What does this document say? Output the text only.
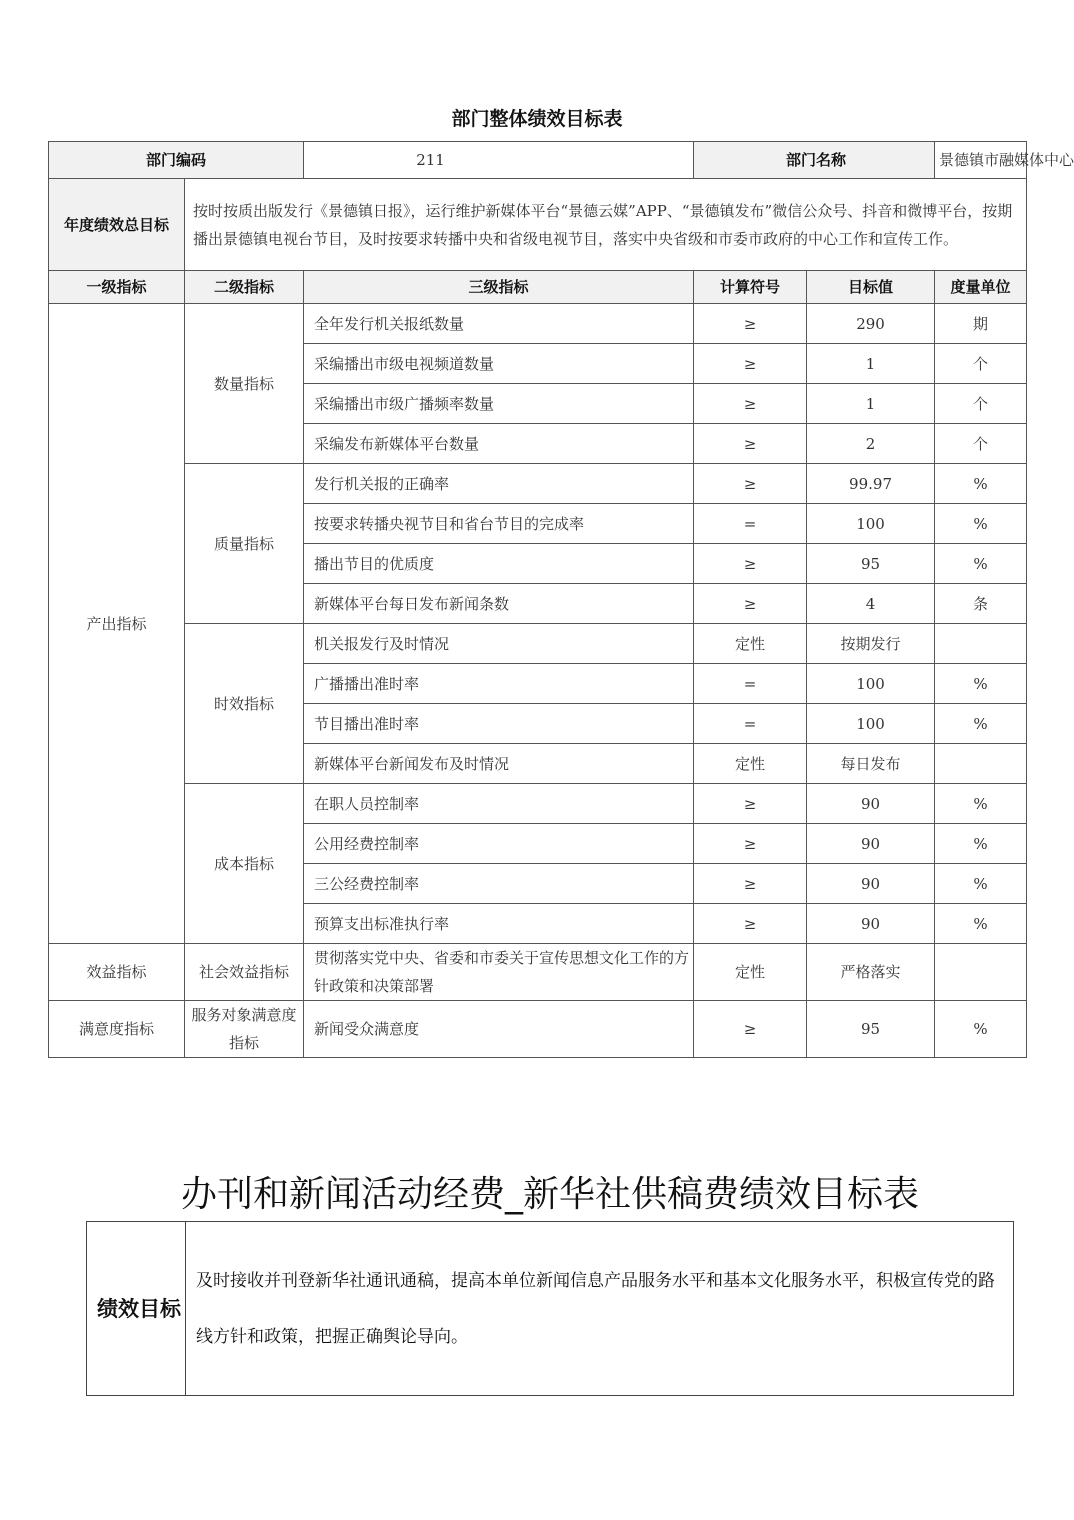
部门整体绩效目标表
部门编码		211	部门名称		景德镇市融媒体中心
年度绩效总目标	按时按质出版发行《景德镇日报》，运行维护新媒体平台“景德云媒”APP、“景德镇发布”微信公众号、抖音和微博平台，按期播出景德镇电视台节目，及时按要求转播中央和省级电视节目，落实中央省级和市委市政府的中心工作和宣传工作。				
一级指标	二级指标	三级指标	计算符号	目标值	度量单位
产出指标	数量指标	全年发行机关报纸数量	≥	290	期
		采编播出市级电视频道数量	≥	1	个
		采编播出市级广播频率数量	≥	1	个
		采编发布新媒体平台数量	≥	2	个
	质量指标	发行机关报的正确率	≥	99.97	%
		按要求转播央视节目和省台节目的完成率	=	100	%
		播出节目的优质度	≥	95	%
		新媒体平台每日发布新闻条数	≥	4	条
	时效指标	机关报发行及时情况	定性	按期发行	
		广播播出准时率	=	100	%
		节目播出准时率	=	100	%
		新媒体平台新闻发布及时情况	定性	每日发布	
	成本指标	在职人员控制率	≥	90	%
		公用经费控制率	≥	90	%
		三公经费控制率	≥	90	%
		预算支出标准执行率	≥	90	%
效益指标	社会效益指标	贯彻落实党中央、省委和市委关于宣传思想文化工作的方针政策和决策部署	定性	严格落实	
满意度指标	服务对象满意度指标	新闻受众满意度	≥	95	%
办刊和新闻活动经费_新华社供稿费绩效目标表
绩效目标	及时接收并刊登新华社通讯通稿，提高本单位新闻信息产品服务水平和基本文化服务水平，积极宣传党的路线方针和政策，把握正确舆论导向。
